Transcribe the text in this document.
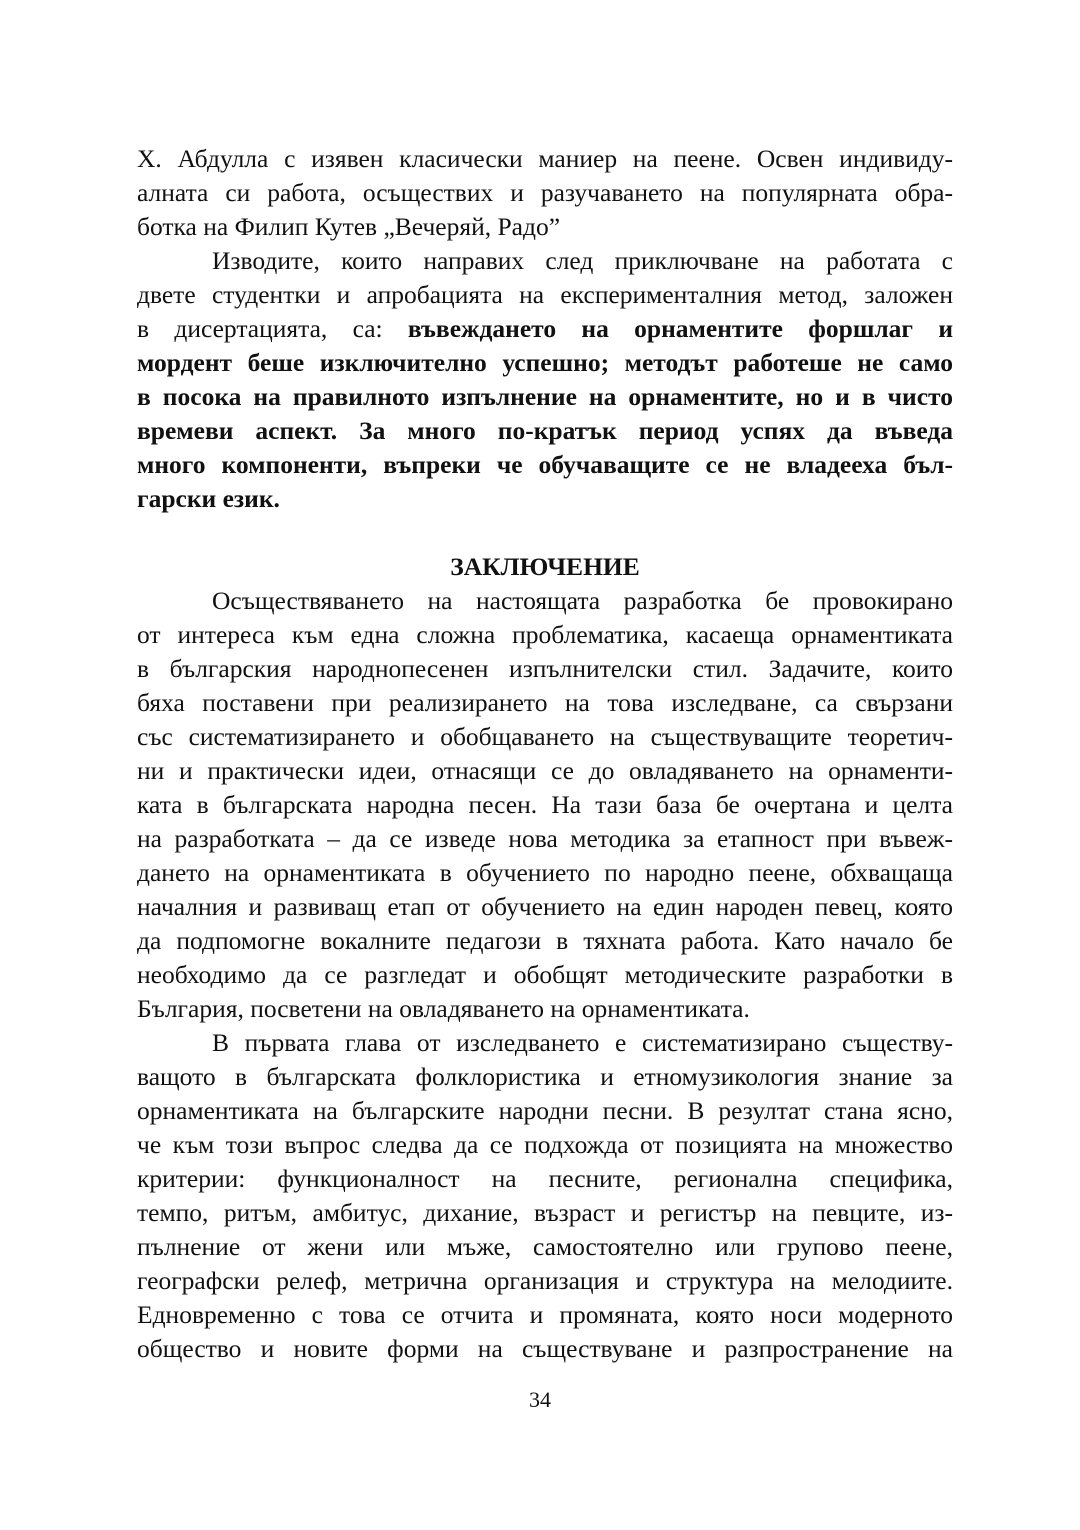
Х. Абдулла с изявен класически маниер на пеене. Освен индивиду-
алната си работа, осъществих и разучаването на популярната обра-
ботка на Филип Кутев „Вечеряй, Радо”
Изводите, които направих след приключване на работата с
двете студентки и апробацията на експерименталния метод, заложен
в дисертацията, са: въвеждането на орнаментите форшлаг и
мордент беше изключително успешно; методът работеше не само
в посока на правилното изпълнение на орнаментите, но и в чисто
времеви аспект. За много по-кратък период успях да въведа
много компоненти, въпреки че обучаващите се не владееха бъл-
гарски език.
ЗАКЛЮЧЕНИЕ
Осъществяването на настоящата разработка бе провокирано
от интереса към една сложна проблематика, касаеща орнаментиката
в българския народнопесенен изпълнителски стил. Задачите, които
бяха поставени при реализирането на това изследване, са свързани
със систематизирането и обобщаването на съществуващите теоретич-
ни и практически идеи, отнасящи се до овладяването на орнаменти-
ката в българската народна песен. На тази база бе очертана и целта
на разработката – да се изведе нова методика за етапност при въвеж-
дането на орнаментиката в обучението по народно пеене, обхващаща
началния и развиващ етап от обучението на един народен певец, която
да подпомогне вокалните педагози в тяхната работа. Като начало бе
необходимо да се разгледат и обобщят методическите разработки в
България, посветени на овладяването на орнаментиката.
В първата глава от изследването е систематизирано съществу-
ващото в българската фолклористика и етномузикология знание за
орнаментиката на българските народни песни. В резултат стана ясно,
че към този въпрос следва да се подхожда от позицията на множество
критерии: функционалност на песните, регионална специфика,
темпо, ритъм, амбитус, дихание, възраст и регистър на певците, из-
пълнение от жени или мъже, самостоятелно или групово пеене,
географски релеф, метрична организация и структура на мелодиите.
Едновременно с това се отчита и промяната, която носи модерното
общество и новите форми на съществуване и разпространение на
34
